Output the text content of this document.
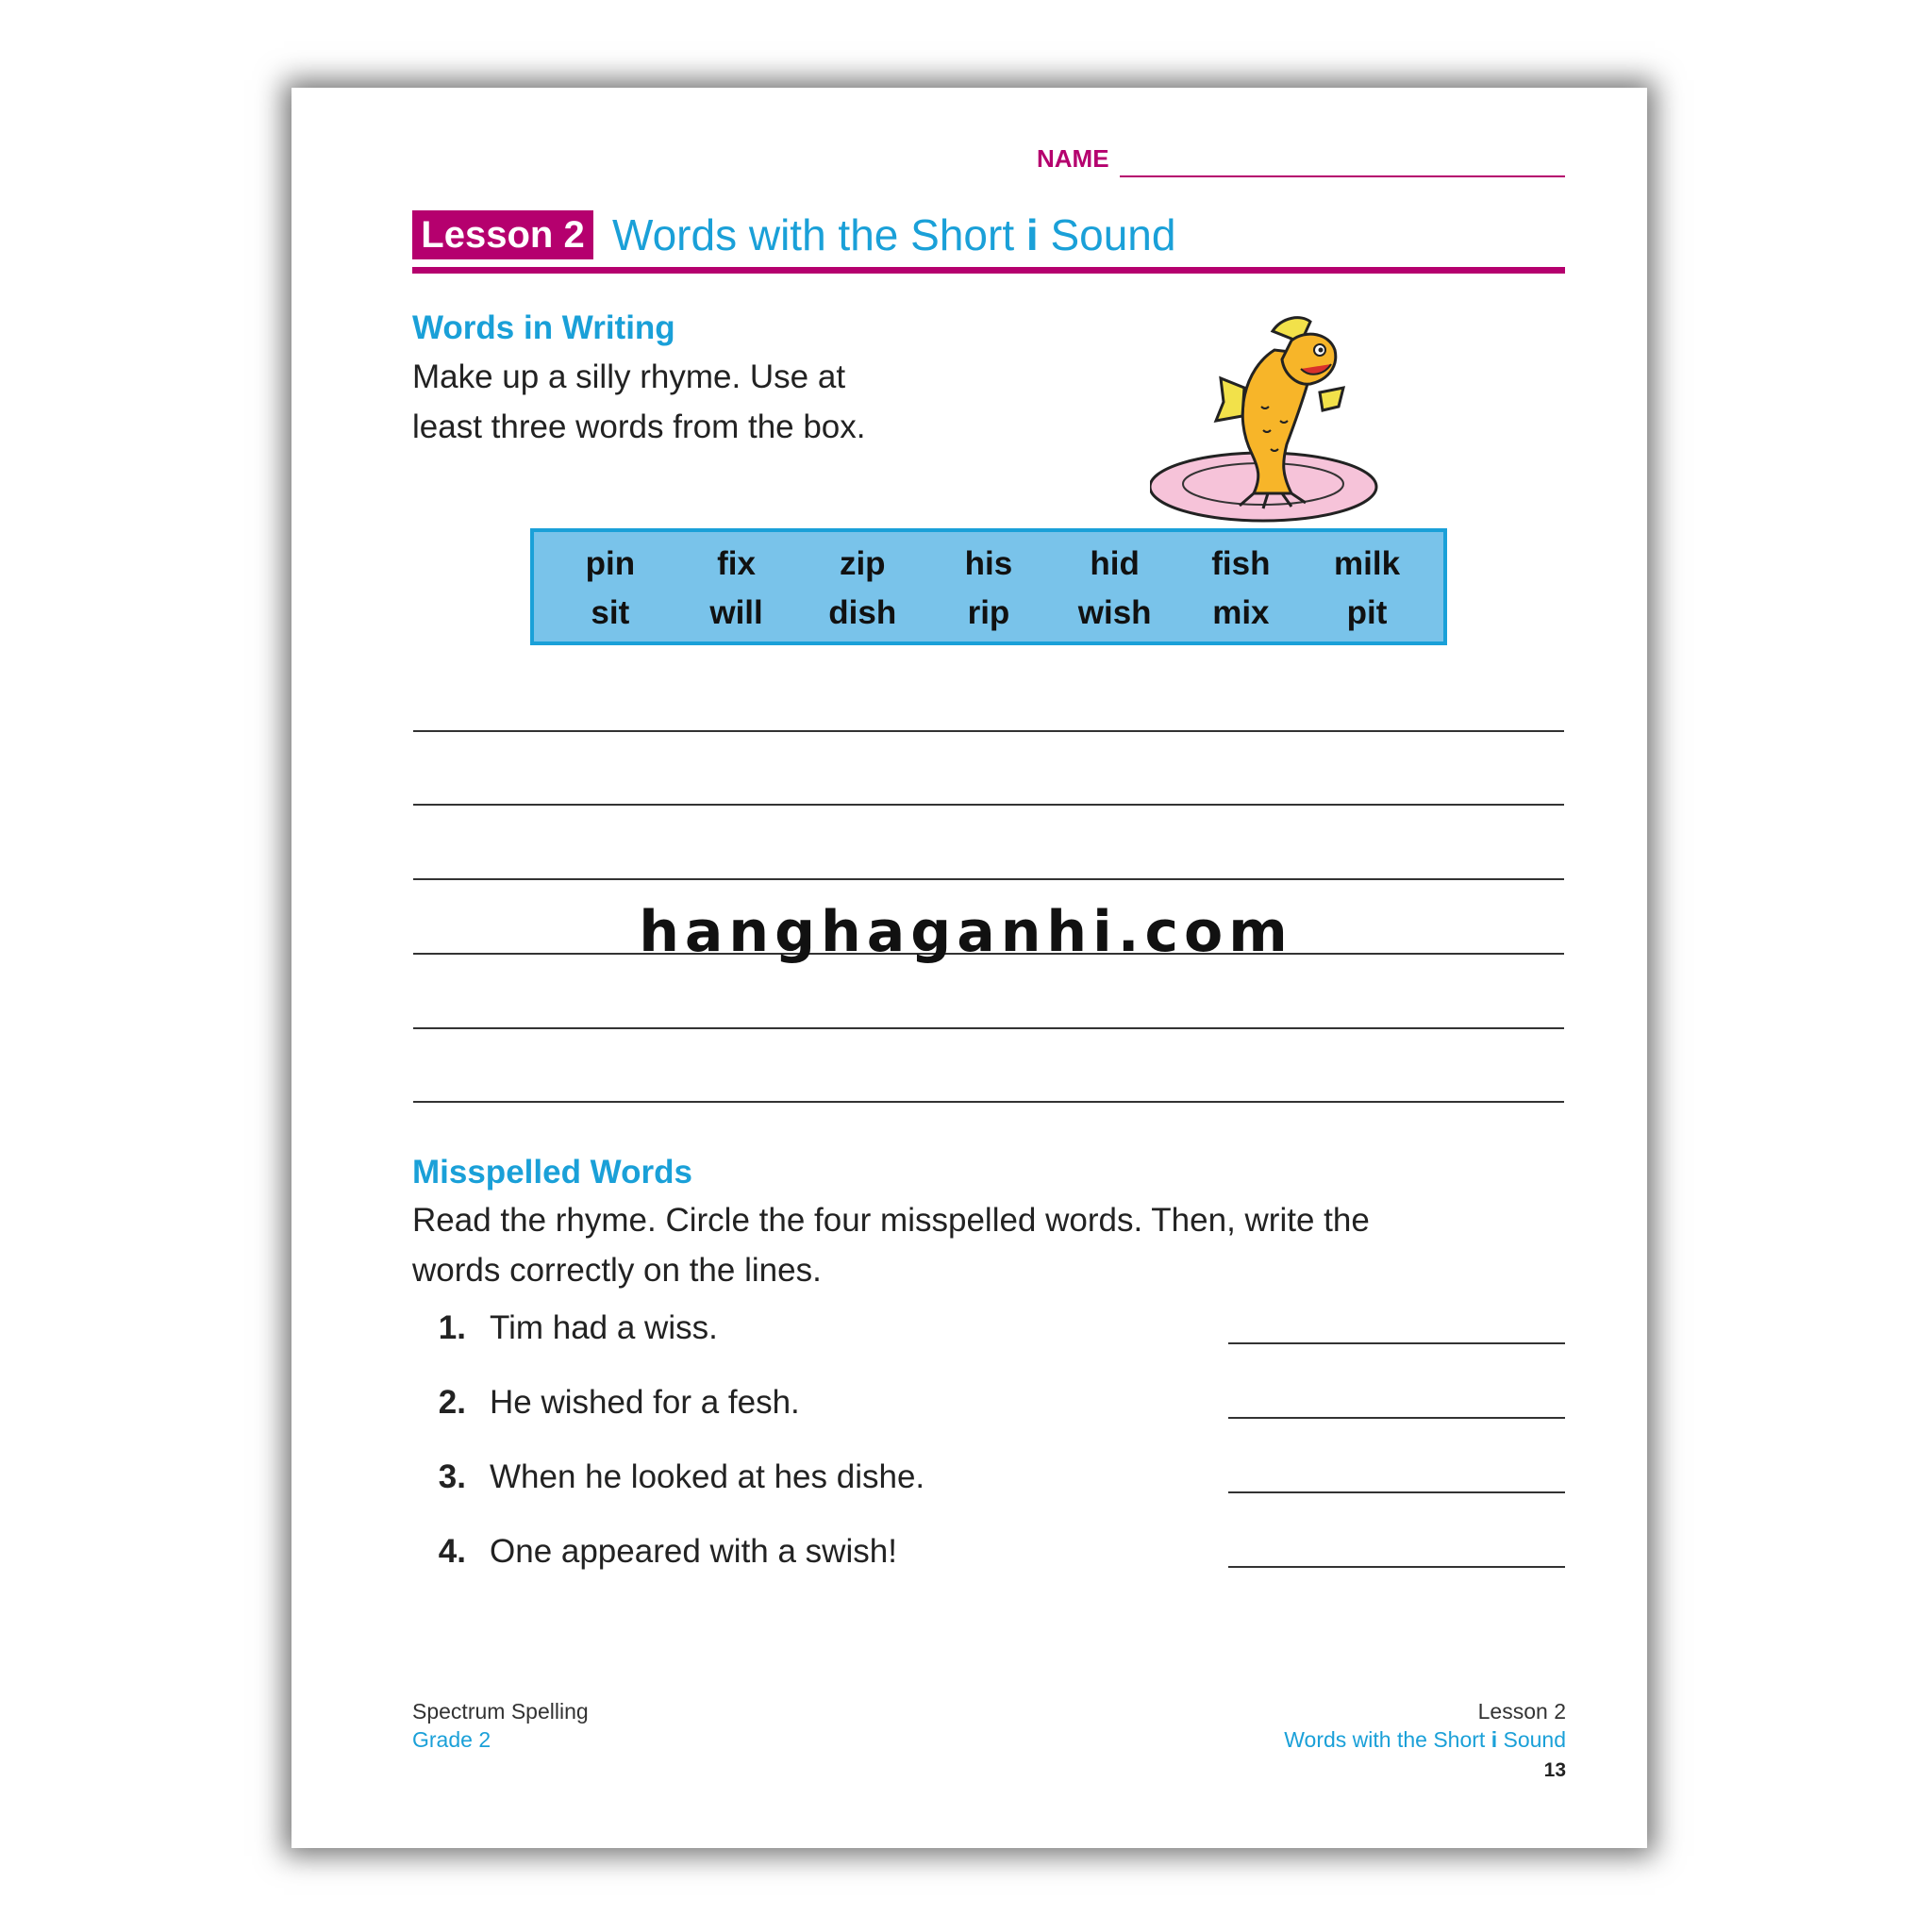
NAME
Lesson 2 Words with the Short i Sound
Words in Writing
Make up a silly rhyme. Use at
least three words from the box.
pin	fix	zip	his	hid	fish	milk
sit	will	dish	rip	wish	mix	pit
Misspelled Words
Read the rhyme. Circle the four misspelled words. Then, write the
words correctly on the lines.
1. Tim had a wiss.
2. He wished for a fesh.
3. When he looked at hes dishe.
4. One appeared with a swish!
Spectrum Spelling
Grade 2
Lesson 2
Words with the Short i Sound
13
hanghaganhi.com
